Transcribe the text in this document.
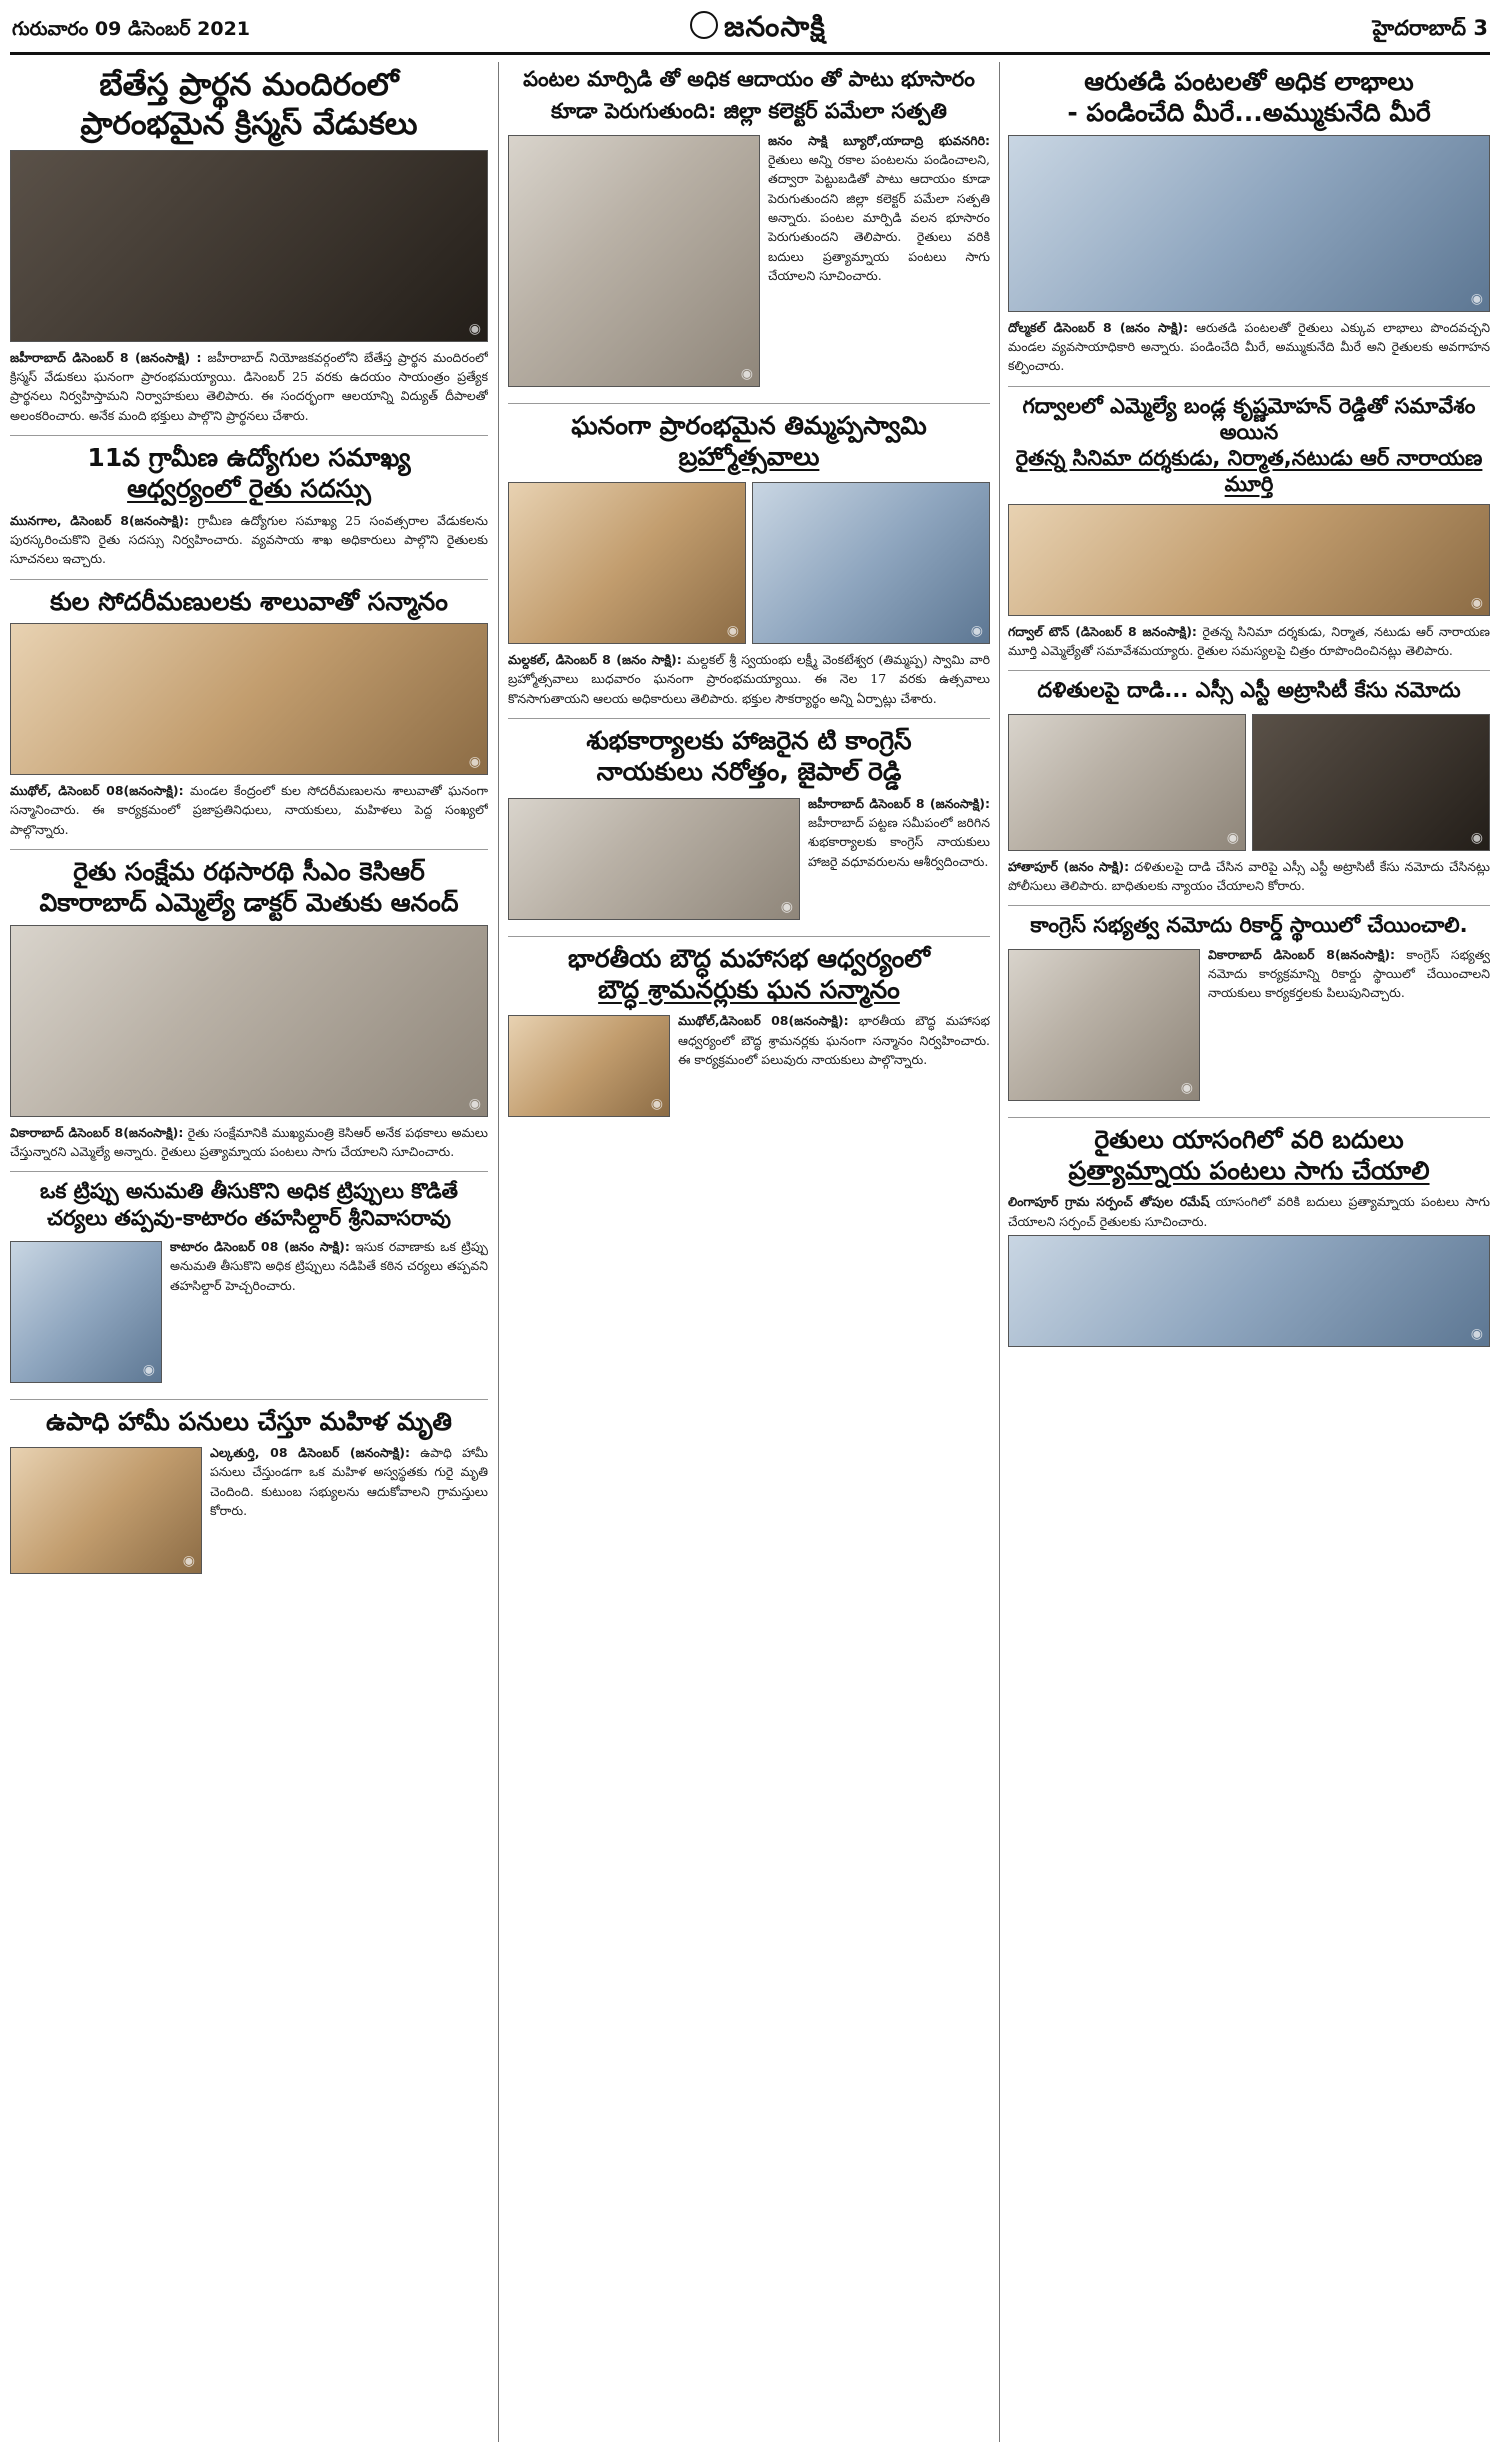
గురువారం 09 డిసెంబర్ 2021	జనంసాక్షి	హైదరాబాద్ 3
బేతేస్త ప్రార్థన మందిరంలో
ప్రారంభమైన క్రిస్మస్ వేడుకలు
◉
జహీరాబాద్ డిసెంబర్ 8 (జనంసాక్షి) : జహీరాబాద్ నియోజకవర్గంలోని బేతేస్త ప్రార్థన మందిరంలో క్రిస్మస్ వేడుకలు ఘనంగా ప్రారంభమయ్యాయి. డిసెంబర్ 25 వరకు ఉదయం సాయంత్రం ప్రత్యేక ప్రార్థనలు నిర్వహిస్తామని నిర్వాహకులు తెలిపారు. ఈ సందర్భంగా ఆలయాన్ని విద్యుత్ దీపాలతో అలంకరించారు. అనేక మంది భక్తులు పాల్గొని ప్రార్థనలు చేశారు.
11వ గ్రామీణ ఉద్యోగుల సమాఖ్య
ఆధ్వర్యంలో రైతు సదస్సు
మునగాల, డిసెంబర్ 8(జనంసాక్షి): గ్రామీణ ఉద్యోగుల సమాఖ్య 25 సంవత్సరాల వేడుకలను పురస్కరించుకొని రైతు సదస్సు నిర్వహించారు. వ్యవసాయ శాఖ అధికారులు పాల్గొని రైతులకు సూచనలు ఇచ్చారు.
కుల సోదరీమణులకు శాలువాతో సన్మానం
◉
ముథోల్, డిసెంబర్ 08(జనంసాక్షి): మండల కేంద్రంలో కుల సోదరీమణులను శాలువాతో ఘనంగా సన్మానించారు. ఈ కార్యక్రమంలో ప్రజాప్రతినిధులు, నాయకులు, మహిళలు పెద్ద సంఖ్యలో పాల్గొన్నారు.
రైతు సంక్షేమ రథసారథి సీఎం కెసిఆర్
వికారాబాద్ ఎమ్మెల్యే డాక్టర్ మెతుకు ఆనంద్
◉
వికారాబాద్ డిసెంబర్ 8(జనంసాక్షి): రైతు సంక్షేమానికి ముఖ్యమంత్రి కెసిఆర్ అనేక పథకాలు అమలు చేస్తున్నారని ఎమ్మెల్యే అన్నారు. రైతులు ప్రత్యామ్నాయ పంటలు సాగు చేయాలని సూచించారు.
ఒక ట్రిప్పు అనుమతి తీసుకొని అధిక ట్రిప్పులు కొడితే
చర్యలు తప్పవు-కాటారం తహసిల్దార్ శ్రీనివాసరావు
◉
కాటారం డిసెంబర్ 08 (జనం సాక్షి): ఇసుక రవాణాకు ఒక ట్రిప్పు అనుమతి తీసుకొని అధిక ట్రిప్పులు నడిపితే కఠిన చర్యలు తప్పవని తహసిల్దార్ హెచ్చరించారు.
ఉపాధి హామీ పనులు చేస్తూ మహిళ మృతి
◉
ఎల్కతుర్తి, 08 డిసెంబర్ (జనంసాక్షి): ఉపాధి హామీ పనులు చేస్తుండగా ఒక మహిళ అస్వస్థతకు గురై మృతి చెందింది. కుటుంబ సభ్యులను ఆదుకోవాలని గ్రామస్తులు కోరారు.
పంటల మార్పిడి తో అధిక ఆదాయం తో పాటు భూసారం
కూడా పెరుగుతుంది: జిల్లా కలెక్టర్ పమేలా సత్పతి
◉
జనం సాక్షి బ్యూరో,యాదాద్రి భువనగిరి: రైతులు అన్ని రకాల పంటలను పండించాలని, తద్వారా పెట్టుబడితో పాటు ఆదాయం కూడా పెరుగుతుందని జిల్లా కలెక్టర్ పమేలా సత్పతి అన్నారు. పంటల మార్పిడి వలన భూసారం పెరుగుతుందని తెలిపారు. రైతులు వరికి బదులు ప్రత్యామ్నాయ పంటలు సాగు చేయాలని సూచించారు.
ఘనంగా ప్రారంభమైన తిమ్మప్పస్వామి
బ్రహ్మోత్సవాలు
◉	◉
మల్దకల్, డిసెంబర్ 8 (జనం సాక్షి): మల్దకల్ శ్రీ స్వయంభు లక్ష్మీ వెంకటేశ్వర (తిమ్మప్ప) స్వామి వారి బ్రహ్మోత్సవాలు బుధవారం ఘనంగా ప్రారంభమయ్యాయి. ఈ నెల 17 వరకు ఉత్సవాలు కొనసాగుతాయని ఆలయ అధికారులు తెలిపారు. భక్తుల సౌకర్యార్థం అన్ని ఏర్పాట్లు చేశారు.
శుభకార్యాలకు హాజరైన టి కాంగ్రెస్
నాయకులు నరోత్తం, జైపాల్ రెడ్డి
◉
జహీరాబాద్ డిసెంబర్ 8 (జనంసాక్షి): జహీరాబాద్ పట్టణ సమీపంలో జరిగిన శుభకార్యాలకు కాంగ్రెస్ నాయకులు హాజరై వధూవరులను ఆశీర్వదించారు.
భారతీయ బౌద్ధ మహాసభ ఆధ్వర్యంలో
బౌద్ధ శ్రామనర్లుకు ఘన సన్మానం
◉
ముథోల్,డిసెంబర్ 08(జనంసాక్షి): భారతీయ బౌద్ధ మహాసభ ఆధ్వర్యంలో బౌద్ధ శ్రామనర్లకు ఘనంగా సన్మానం నిర్వహించారు. ఈ కార్యక్రమంలో పలువురు నాయకులు పాల్గొన్నారు.
ఆరుతడి పంటలతో అధిక లాభాలు
- పండించేది మీరే...అమ్ముకునేది మీరే
◉
దోల్మకల్ డిసెంబర్ 8 (జనం సాక్షి): ఆరుతడి పంటలతో రైతులు ఎక్కువ లాభాలు పొందవచ్చని మండల వ్యవసాయాధికారి అన్నారు. పండించేది మీరే, అమ్ముకునేది మీరే అని రైతులకు అవగాహన కల్పించారు.
గద్వాలలో ఎమ్మెల్యే బండ్ల కృష్ణమోహన్ రెడ్డితో సమావేశం అయిన
రైతన్న సినిమా దర్శకుడు, నిర్మాత,నటుడు ఆర్ నారాయణ మూర్తి
◉
గద్వాల్ టౌన్ (డిసెంబర్ 8 జనంసాక్షి): రైతన్న సినిమా దర్శకుడు, నిర్మాత, నటుడు ఆర్ నారాయణ మూర్తి ఎమ్మెల్యేతో సమావేశమయ్యారు. రైతుల సమస్యలపై చిత్రం రూపొందించినట్లు తెలిపారు.
దళితులపై దాడి... ఎస్సీ ఎస్టీ అట్రాసిటీ కేసు నమోదు
◉	◉
హాతాపూర్ (జనం సాక్షి): దళితులపై దాడి చేసిన వారిపై ఎస్సీ ఎస్టీ అట్రాసిటీ కేసు నమోదు చేసినట్లు పోలీసులు తెలిపారు. బాధితులకు న్యాయం చేయాలని కోరారు.
కాంగ్రెస్ సభ్యత్వ నమోదు రికార్డ్ స్థాయిలో చేయించాలి.
◉
వికారాబాద్ డిసెంబర్ 8(జనంసాక్షి): కాంగ్రెస్ సభ్యత్వ నమోదు కార్యక్రమాన్ని రికార్డు స్థాయిలో చేయించాలని నాయకులు కార్యకర్తలకు పిలుపునిచ్చారు.
రైతులు యాసంగిలో వరి బదులు
ప్రత్యామ్నాయ పంటలు సాగు చేయాలి
లింగాపూర్ గ్రామ సర్పంచ్ తోపుల రమేష్ యాసంగిలో వరికి బదులు ప్రత్యామ్నాయ పంటలు సాగు చేయాలని సర్పంచ్ రైతులకు సూచించారు.
◉
